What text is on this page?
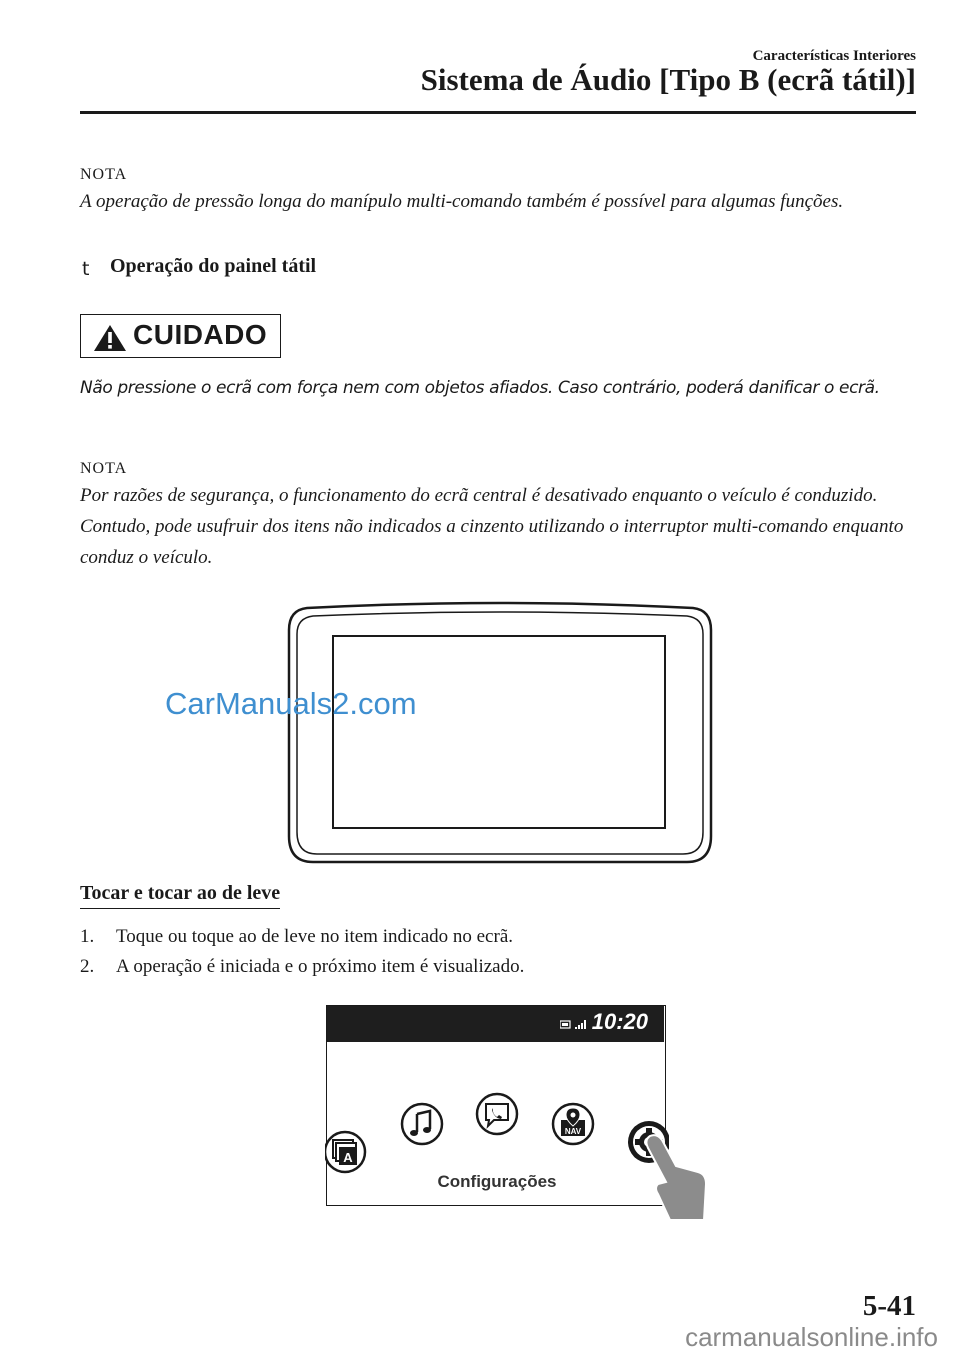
Características Interiores
Sistema de Áudio [Tipo B (ecrã tátil)]
NOTA
A operação de pressão longa do manípulo multi-comando também é possível para algumas funções.
t Operação do painel tátil
CUIDADO
Não pressione o ecrã com força nem com objetos afiados. Caso contrário, poderá danificar o ecrã.
NOTA
Por razões de segurança, o funcionamento do ecrã central é desativado enquanto o veículo é conduzido. Contudo, pode usufruir dos itens não indicados a cinzento utilizando o interruptor multi-comando enquanto conduz o veículo.
CarManuals2.com
Tocar e tocar ao de leve
1. Toque ou toque ao de leve no item indicado no ecrã.
2. A operação é iniciada e o próximo item é visualizado.
10:20
A
NAV
Configurações
5-41
carmanualsonline.info
